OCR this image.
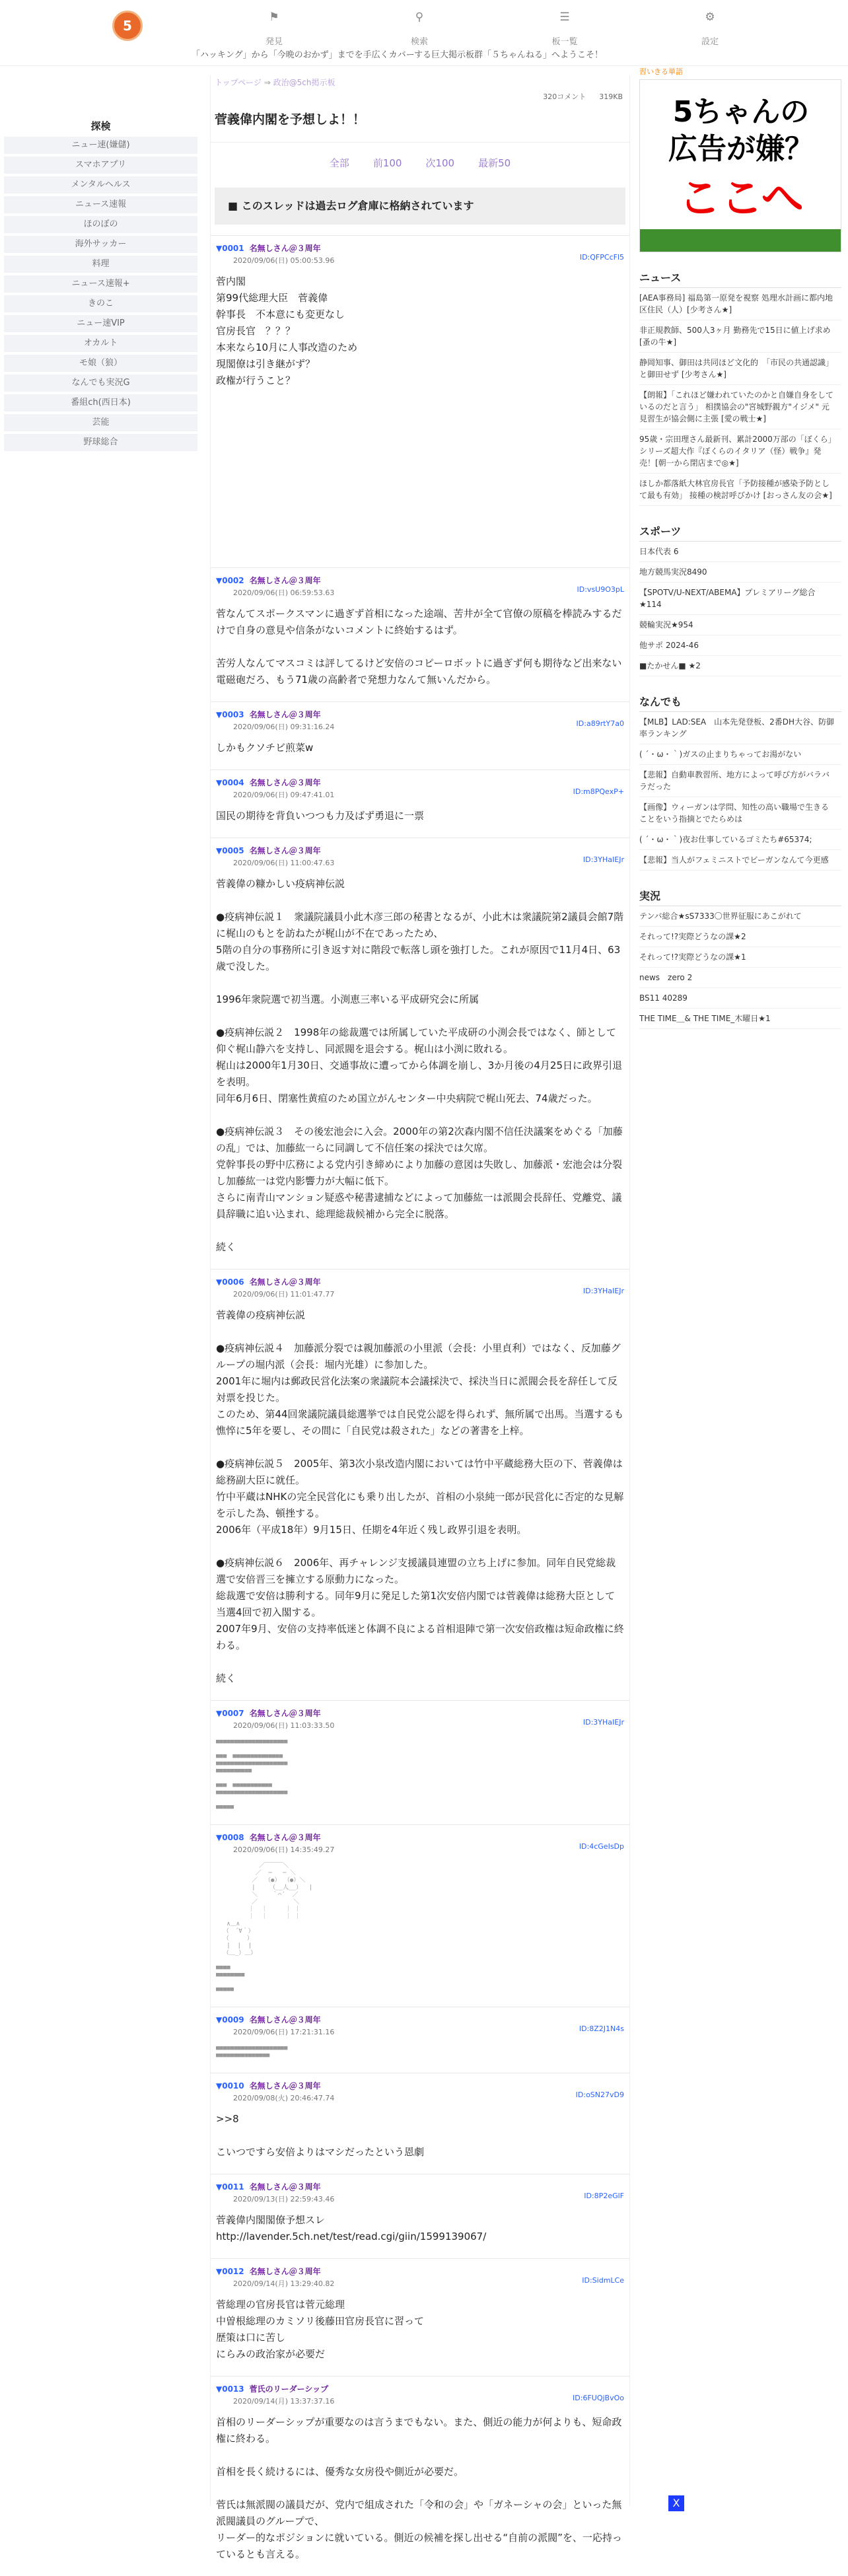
5
⚑
発見
⚲
検索
☰
板一覧
⚙
設定
「ハッキング」から「今晩のおかず」までを手広くカバーする巨大掲示板群「５ちゃんねる」へようこそ！
探検
ニュー速(嫌儲)
スマホアプリ
メンタルヘルス
ニュース速報
ほのぼの
海外サッカー
料理
ニュース速報+
きのこ
ニュー速VIP
オカルト
モ娘（狼）
なんでも実況G
番組ch(西日本)
芸能
野球総合
トップページ ⇒ 政治@5ch掲示板
320コメント 319KB
菅義偉内閣を予想しよ！！
全部 前100 次100 最新50
■ このスレッドは過去ログ倉庫に格納されています
▼0001 名無しさん＠３周年
2020/09/06(日) 05:00:53.96	ID:QFPCcFl5
菅内閣
第99代総理大臣　菅義偉
幹事長　不本意にも変更なし
官房長官　？？？
本来なら10月に人事改造のため
現閣僚は引き継がず？
政権が行うこと？
▼0002 名無しさん＠３周年
2020/09/06(日) 06:59:53.63	ID:vsU9O3pL
菅なんてスポークスマンに過ぎず首相になった途端、苦井が全て官僚の原稿を棒読みするだけで自身の意見や信条がないコメントに終始するはず。

苦労人なんてマスコミは評してるけど安倍のコピーロボットに過ぎず何も期待など出来ない電磁砲だろ、もう71歳の高齢者で発想力なんて無いんだから。
▼0003 名無しさん＠３周年
2020/09/06(日) 09:31:16.24	ID:a89rtY7a0
しかもクソチビ煎菜w
▼0004 名無しさん＠３周年
2020/09/06(日) 09:47:41.01	ID:m8PQexP+
国民の期待を背負いつつも力及ばず勇退に一票
▼0005 名無しさん＠３周年
2020/09/06(日) 11:00:47.63	ID:3YHaIEJr
菅義偉の糠かしい疫病神伝説

●疫病神伝説１　衆議院議員小此木彦三郎の秘書となるが、小此木は衆議院第2議員会館7階に梶山のもとを訪ねたが梶山が不在であったため、
5階の自分の事務所に引き返す対に階段で転落し頭を強打した。これが原因で11月4日、63歳で没した。

1996年衆院選で初当選。小渕恵三率いる平成研究会に所属

●疫病神伝説２　1998年の総裁選では所属していた平成研の小渕会長ではなく、師として仰ぐ梶山静六を支持し、同派閥を退会する。梶山は小渕に敗れる。
梶山は2000年1月30日、交通事故に遭ってから体調を崩し、3か月後の4月25日に政界引退を表明。
同年6月6日、閉塞性黄疸のため国立がんセンター中央病院で梶山死去、74歳だった。

●疫病神伝説３　その後宏池会に入会。2000年の第2次森内閣不信任決議案をめぐる「加藤の乱」では、加藤紘一らに同調して不信任案の採決では欠席。
党幹事長の野中広務による党内引き締めにより加藤の意図は失敗し、加藤派・宏池会は分裂し加藤紘一は党内影響力が大幅に低下。
さらに南青山マンション疑惑や秘書逮捕などによって加藤紘一は派閥会長辞任、党離党、議員辞職に追い込まれ、総理総裁候補から完全に脱落。

続く
▼0006 名無しさん＠３周年
2020/09/06(日) 11:01:47.77	ID:3YHaIEJr
菅義偉の疫病神伝説

●疫病神伝説４　加藤派分裂では親加藤派の小里派（会長：小里貞利）ではなく、反加藤グループの堀内派（会長：堀内光雄）に参加した。
2001年に堀内は郵政民営化法案の衆議院本会議採決で、採決当日に派閥会長を辞任して反対票を投じた。
このため、第44回衆議院議員総選挙では自民党公認を得られず、無所属で出馬。当選するも憔悴に5年を要し、その間に「自民党は殺された」などの著書を上梓。

●疫病神伝説５　2005年、第3次小泉改造内閣においては竹中平蔵総務大臣の下、菅義偉は総務副大臣に就任。
竹中平蔵はNHKの完全民営化にも乗り出したが、首相の小泉純一郎が民営化に否定的な見解を示した為、頓挫する。
2006年（平成18年）9月15日、任期を4年近く残し政界引退を表明。

●疫病神伝説６　2006年、再チャレンジ支援議員連盟の立ち上げに参加。同年自民党総裁選で安倍晋三を擁立する原動力になった。
総裁選で安倍は勝利する。同年9月に発足した第1次安倍内閣では菅義偉は総務大臣として当選4回で初入閣する。
2007年9月、安倍の支持率低迷と体調不良による首相退陣で第一次安倍政権は短命政権に終わる。

続く
▼0007 名無しさん＠３周年
2020/09/06(日) 11:03:33.50	ID:3YHaIEJr
■■■■■■■■■■■■■■■■■■■■

■■■　■■■■■■■■■■■■■■
■■■■■■■■■■■■■■■■■■■■
■■■■■■■■■■

■■■　■■■■■■■■■■■
■■■■■■■■■■■■■■■■■■■■

■■■■■
▼0008 名無しさん＠３周年
2020/09/06(日) 14:35:49.27	ID:4cGeIsDp
／￣￣￣＼
／  ─   ─ ＼
／  （●） （●）＼
|    （__人__）  |
＼    ｀⌒´  ／
／          ＼
｜  ｜     ｜ ｜
｜  ｜     ｜ ｜
∧＿∧
（　´∀｀）
（　　　）
|  |  |
（＿_）＿）

■■■■
■■■■■■■■

■■■■■
▼0009 名無しさん＠３周年
2020/09/06(日) 17:21:31.16	ID:8Z2J1N4s
■■■■■■■■■■■■■■■■■■■■
■■■■■■■■■■■■■■■
▼0010 名無しさん＠３周年
2020/09/08(火) 20:46:47.74	ID:oSN27vD9
>>8

こいつですら安倍よりはマシだったという恩劇
▼0011 名無しさん＠３周年
2020/09/13(日) 22:59:43.46	ID:8P2eGlF
菅義偉内閣閣僚予想スレ
http://lavender.5ch.net/test/read.cgi/giin/1599139067/
▼0012 名無しさん＠３周年
2020/09/14(月) 13:29:40.82	ID:SidmLCe
菅総理の官房長官は菅元総理
中曽根総理のカミソリ後藤田官房長官に習って
歴策は口に苦し
にらみの政治家が必要だ
▼0013 菅氏のリーダーシップ
2020/09/14(月) 13:37:37.16	ID:6FUQjBvOo
首相のリーダーシップが重要なのは言うまでもない。また、側近の能力が何よりも、短命政権に終わる。

首相を長く続けるには、優秀な女房役や側近が必要だ。

菅氏は無派閥の議員だが、党内で組成された「令和の会」や「ガネーシャの会」といった無派閥議員のグループで、
リーダー的なポジションに就いている。側近の候補を探し出せる“自前の派閥”を、一応持っているとも言える。
習いきる単語
5ちゃんの
広告が嫌？
ここへ
ニュース
[AEA事務局] 福島第一原発を視察 処理水計画に都内地区住民（人）[少考さん★]
非正規教師、500人3ヶ月 勤務先で15日に値上げ求め [蚤の牛★]
静岡知事、御田は共同ほど文化的　「市民の共通認識」と御田せず [少考さん★]
【朗報】「これほど嫌われていたのかと自嫌自身をしているのだと言う」 相撲協会の"宮城野親方"イジメ" 元見習生が協会側に主張 [愛の戦士★]
95歳・宗田理さん最新刊、累計2000万部の「ぼくら」シリーズ超大作『ぼくらのイタリア（怪）戦争』発売！[朝一から閉店まで◎★]
ほしか都落紙大林官房長官「予防接種が感染予防として最も有効」 接種の検討呼びかけ [おっさん友の会★]
スポーツ
日本代表 6
地方競馬実況8490
【SPOTV/U-NEXT/ABEMA】プレミアリーグ総合★114
競輪実況★954
他サポ 2024-46
■たかせん■ ★2
なんでも
【MLB】LAD:SEA　山本先発登板、2番DH大谷、防御率ランキング
( ´・ω・｀)ガスの止まりちゃってお湯がない
【悲報】自動車教習所、地方によって呼び方がバラバラだった
【画像】ウィーガンは学問、知性の高い職場で生きることをいう指摘とでたらめは
( ´・ω・｀)夜お仕事しているゴミたち#65374;
【悲報】当人がフェミニストでビーガンなんて今更感
実況
テンバ総合★sS7333〇世界征服にあこがれて
それって!?実際どうなの課★2
それって!?実際どうなの課★1
news　zero 2
BS11 40289
THE TIME＿& THE TIME_木曜日★1
X
